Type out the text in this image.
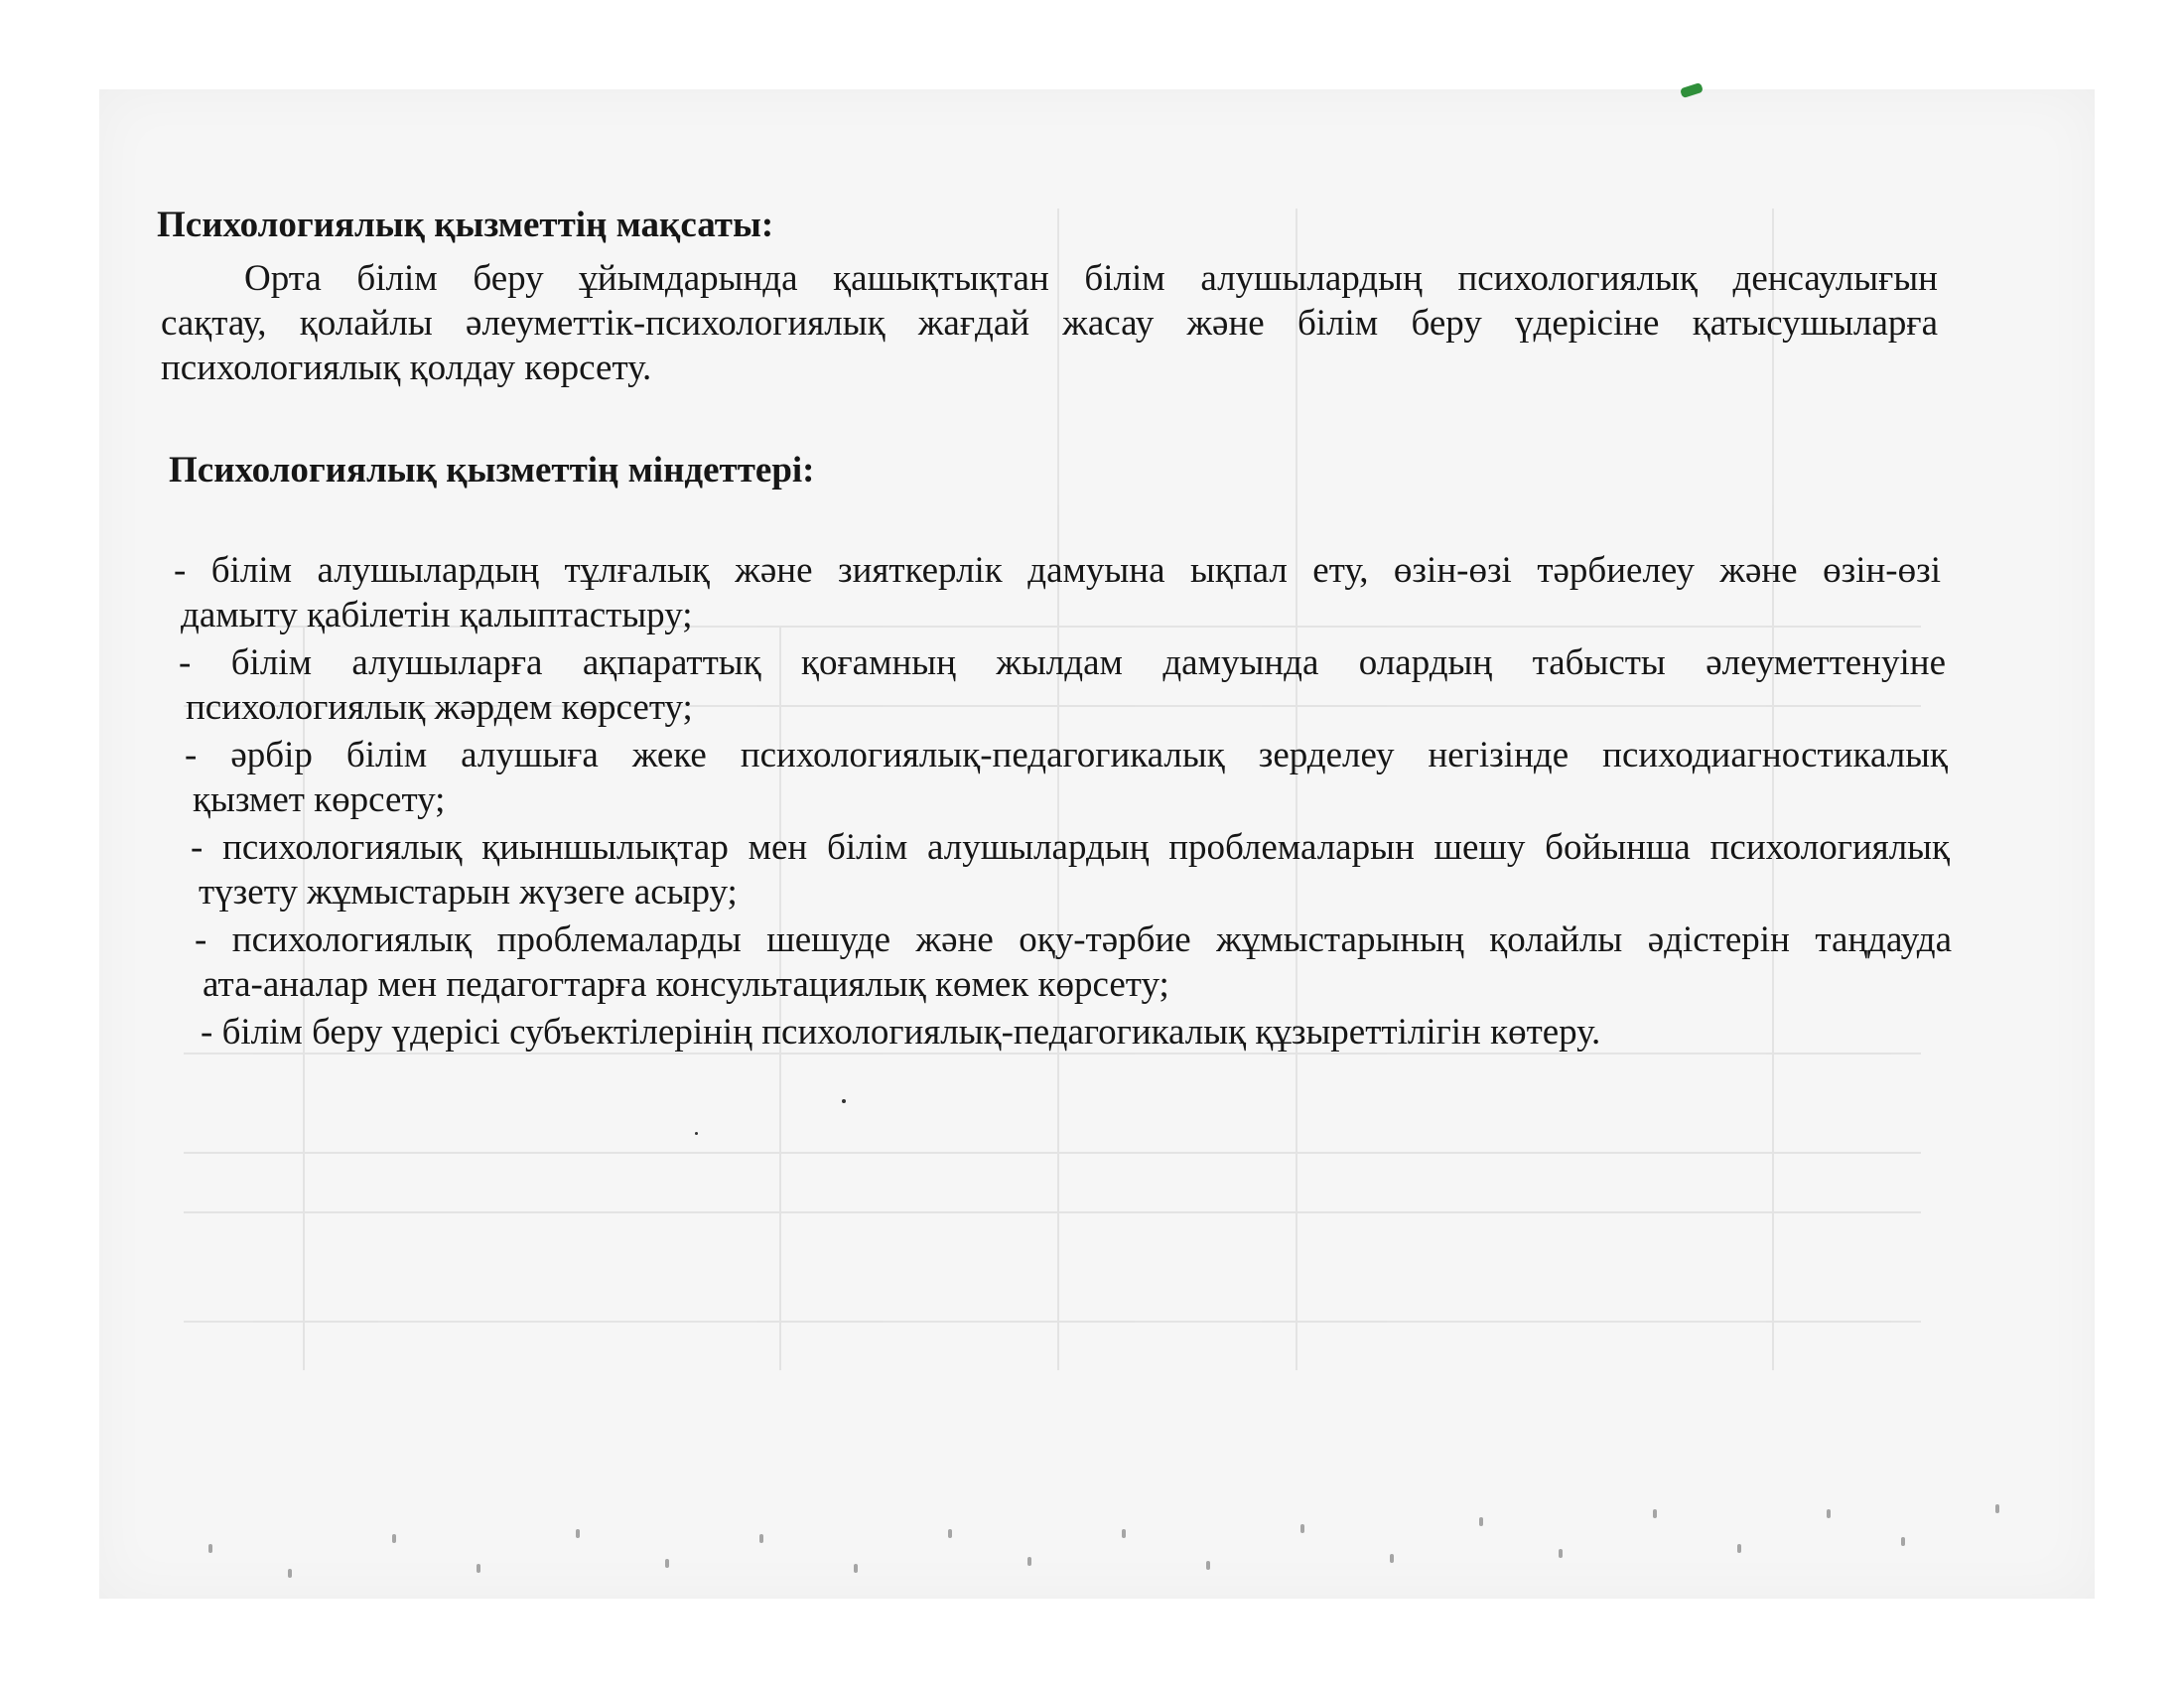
Психологиялық қызметтің мақсаты:
Орта білім беру ұйымдарында қашықтықтан білім алушылардың психологиялық денсаулығын
сақтау, қолайлы әлеуметтік-психологиялық жағдай жасау және білім беру үдерісіне қатысушыларға
психологиялық қолдау көрсету.
Психологиялық қызметтің міндеттері:
- білім алушылардың тұлғалық және зияткерлік дамуына ықпал ету, өзін-өзі тәрбиелеу және өзін-өзі
дамыту қабілетін қалыптастыру;
- білім алушыларға ақпараттық қоғамның жылдам дамуында олардың табысты әлеуметтенуіне
психологиялық жәрдем көрсету;
- әрбір білім алушыға жеке психологиялық-педагогикалық зерделеу негізінде психодиагностикалық
қызмет көрсету;
- психологиялық қиыншылықтар мен білім алушылардың проблемаларын шешу бойынша психологиялық
түзету жұмыстарын жүзеге асыру;
- психологиялық проблемаларды шешуде және оқу-тәрбие жұмыстарының қолайлы әдістерін таңдауда
ата-аналар мен педагогтарға консультациялық көмек көрсету;
- білім беру үдерісі субъектілерінің психологиялық-педагогикалық құзыреттілігін көтеру.
